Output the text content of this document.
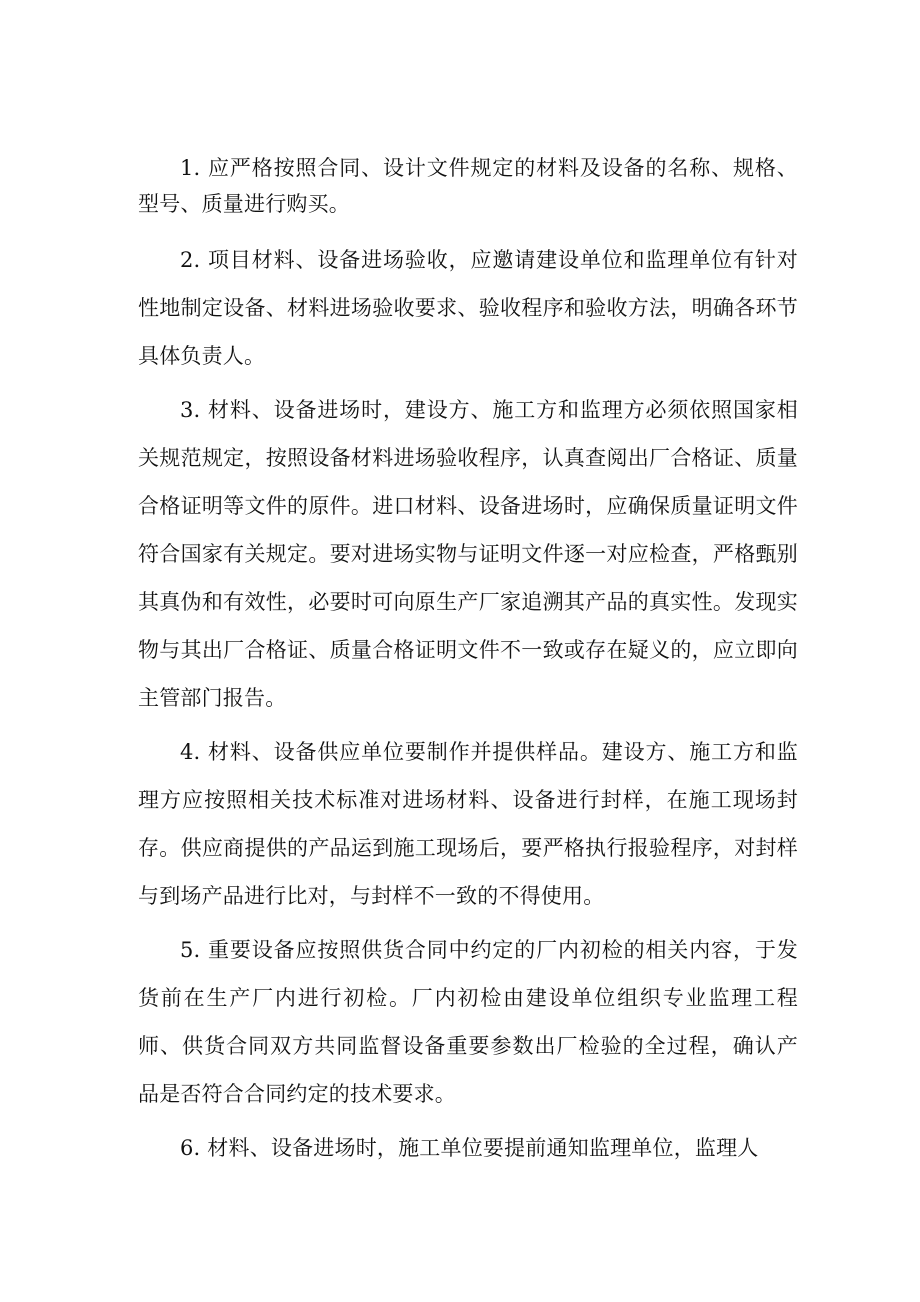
1. 应严格按照合同、设计文件规定的材料及设备的名称、规格、型号、质量进行购买。

2. 项目材料、设备进场验收，应邀请建设单位和监理单位有针对性地制定设备、材料进场验收要求、验收程序和验收方法，明确各环节具体负责人。

3. 材料、设备进场时，建设方、施工方和监理方必须依照国家相关规范规定，按照设备材料进场验收程序，认真查阅出厂合格证、质量合格证明等文件的原件。进口材料、设备进场时，应确保质量证明文件符合国家有关规定。要对进场实物与证明文件逐一对应检查，严格甄别其真伪和有效性，必要时可向原生产厂家追溯其产品的真实性。发现实物与其出厂合格证、质量合格证明文件不一致或存在疑义的，应立即向主管部门报告。

4. 材料、设备供应单位要制作并提供样品。建设方、施工方和监理方应按照相关技术标准对进场材料、设备进行封样，在施工现场封存。供应商提供的产品运到施工现场后，要严格执行报验程序，对封样与到场产品进行比对，与封样不一致的不得使用。

5. 重要设备应按照供货合同中约定的厂内初检的相关内容，于发货前在生产厂内进行初检。厂内初检由建设单位组织专业监理工程 师、供货合同双方共同监督设备重要参数出厂检验的全过程，确认产 品是否符合合同约定的技术要求。

6. 材料、设备进场时，施工单位要提前通知监理单位，监理人
